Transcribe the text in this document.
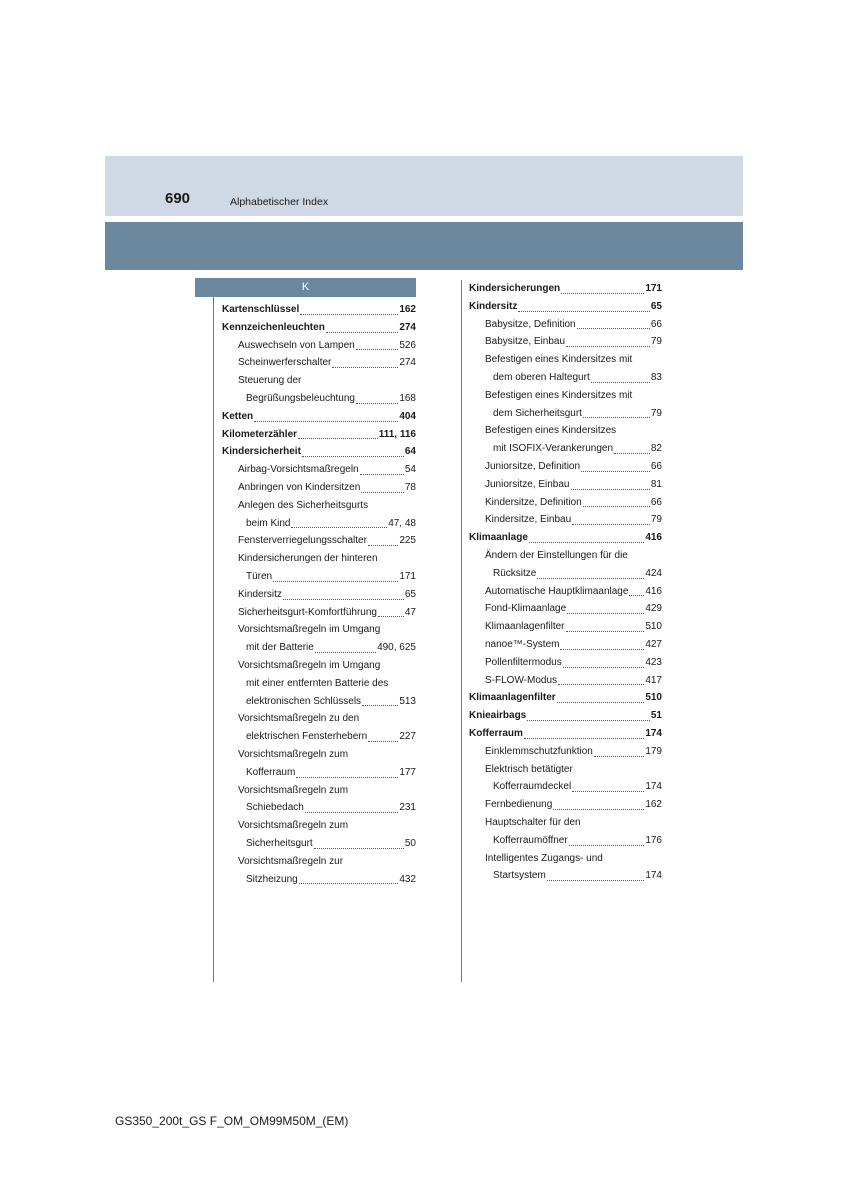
690	Alphabetischer Index
K
Kartenschlüssel	162
Kennzeichenleuchten	274
Auswechseln von Lampen	526
Scheinwerferschalter	274
Steuerung der
Begrüßungsbeleuchtung	168
Ketten	404
Kilometerzähler	111, 116
Kindersicherheit	64
Airbag-Vorsichtsmaßregeln	54
Anbringen von Kindersitzen	78
Anlegen des Sicherheitsgurts
beim Kind	47, 48
Fensterverriegelungsschalter	225
Kindersicherungen der hinteren
Türen	171
Kindersitz	65
Sicherheitsgurt-Komfortführung	47
Vorsichtsmaßregeln im Umgang
mit der Batterie	490, 625
Vorsichtsmaßregeln im Umgang
mit einer entfernten Batterie des
elektronischen Schlüssels	513
Vorsichtsmaßregeln zu den
elektrischen Fensterhebern	227
Vorsichtsmaßregeln zum
Kofferraum	177
Vorsichtsmaßregeln zum
Schiebedach	231
Vorsichtsmaßregeln zum
Sicherheitsgurt	50
Vorsichtsmaßregeln zur
Sitzheizung	432
Kindersicherungen	171
Kindersitz	65
Babysitze, Definition	66
Babysitze, Einbau	79
Befestigen eines Kindersitzes mit
dem oberen Haltegurt	83
Befestigen eines Kindersitzes mit
dem Sicherheitsgurt	79
Befestigen eines Kindersitzes
mit ISOFIX-Verankerungen	82
Juniorsitze, Definition	66
Juniorsitze, Einbau	81
Kindersitze, Definition	66
Kindersitze, Einbau	79
Klimaanlage	416
Ändern der Einstellungen für die
Rücksitze	424
Automatische Hauptklimaanlage 416
Fond-Klimaanlage	429
Klimaanlagenfilter	510
nanoe™-System	427
Pollenfiltermodus	423
S-FLOW-Modus	417
Klimaanlagenfilter	510
Knieairbags	51
Kofferraum	174
Einklemmschutzfunktion	179
Elektrisch betätigter
Kofferraumdeckel	174
Fernbedienung	162
Hauptschalter für den
Kofferraumöffner	176
Intelligentes Zugangs- und
Startsystem	174
GS350_200t_GS F_OM_OM99M50M_(EM)
